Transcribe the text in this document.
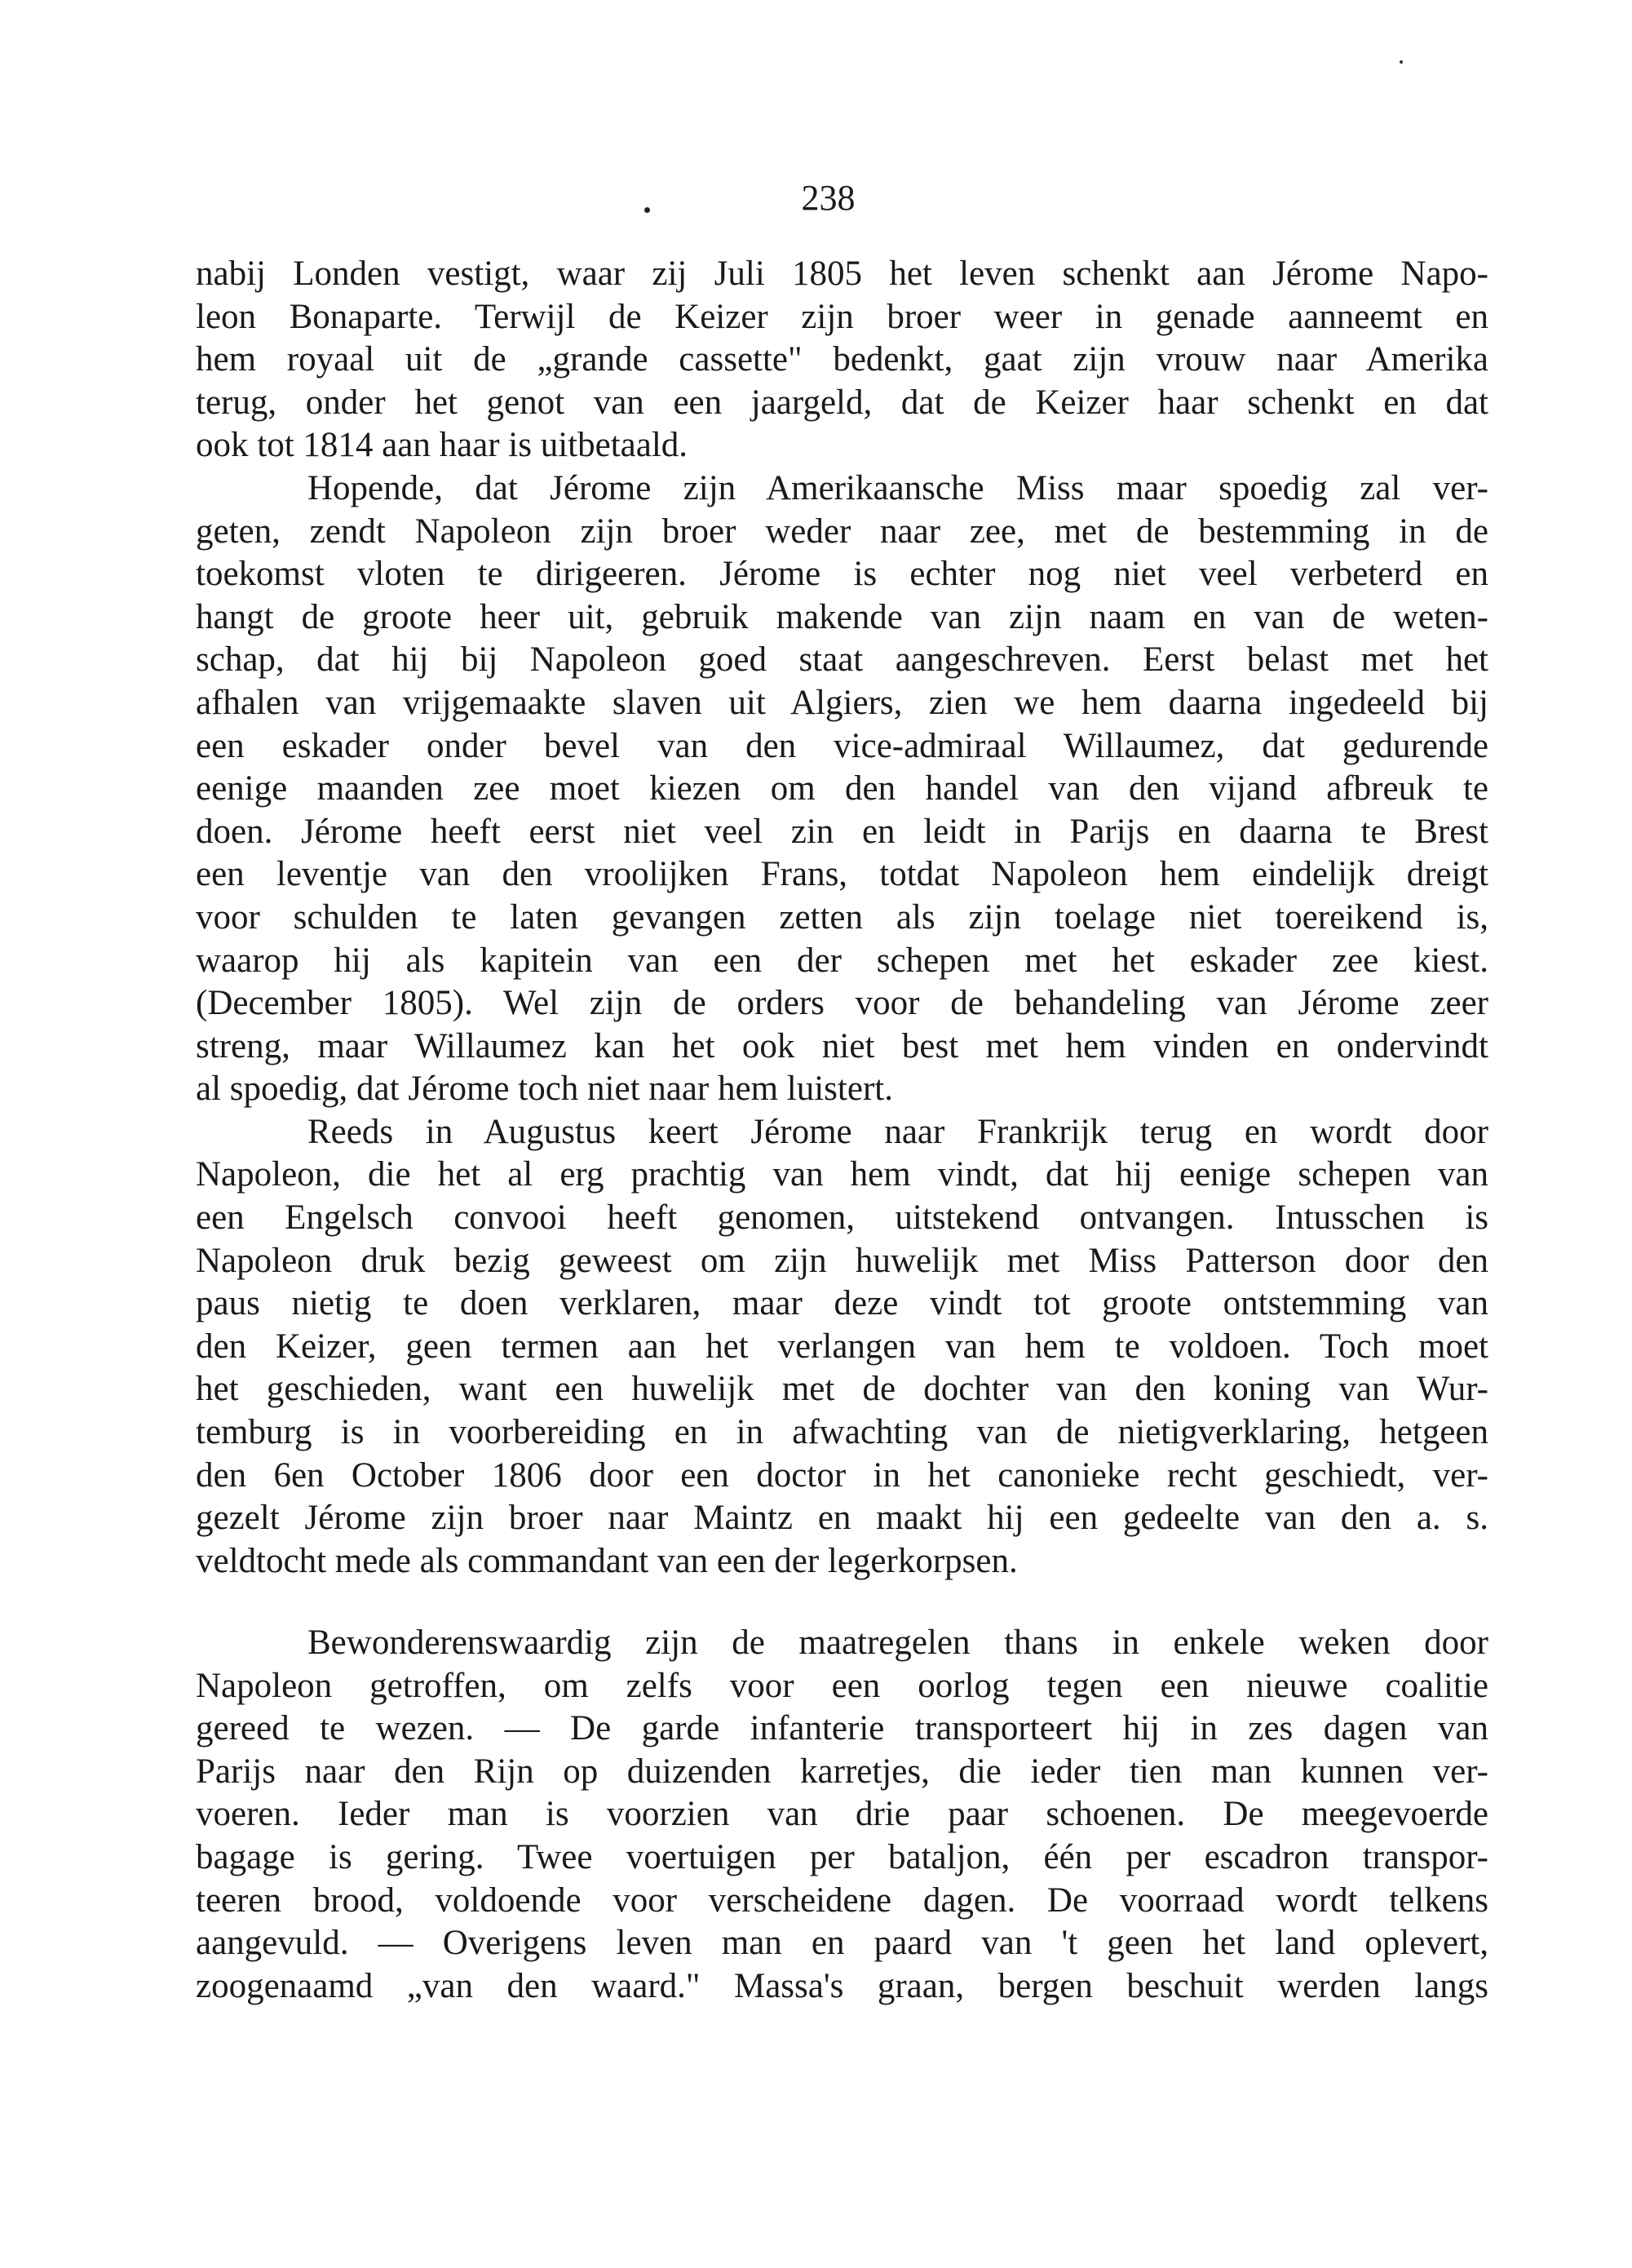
238
nabij Londen vestigt, waar zij Juli 1805 het leven schenkt aan Jérome Napo-
leon Bonaparte. Terwijl de Keizer zijn broer weer in genade aanneemt en
hem royaal uit de „grande cassette" bedenkt, gaat zijn vrouw naar Amerika
terug, onder het genot van een jaargeld, dat de Keizer haar schenkt en dat
ook tot 1814 aan haar is uitbetaald.
Hopende, dat Jérome zijn Amerikaansche Miss maar spoedig zal ver-
geten, zendt Napoleon zijn broer weder naar zee, met de bestemming in de
toekomst vloten te dirigeeren. Jérome is echter nog niet veel verbeterd en
hangt de groote heer uit, gebruik makende van zijn naam en van de weten-
schap, dat hij bij Napoleon goed staat aangeschreven. Eerst belast met het
afhalen van vrijgemaakte slaven uit Algiers, zien we hem daarna ingedeeld bij
een eskader onder bevel van den vice-admiraal Willaumez, dat gedurende
eenige maanden zee moet kiezen om den handel van den vijand afbreuk te
doen. Jérome heeft eerst niet veel zin en leidt in Parijs en daarna te Brest
een leventje van den vroolijken Frans, totdat Napoleon hem eindelijk dreigt
voor schulden te laten gevangen zetten als zijn toelage niet toereikend is,
waarop hij als kapitein van een der schepen met het eskader zee kiest.
(December 1805). Wel zijn de orders voor de behandeling van Jérome zeer
streng, maar Willaumez kan het ook niet best met hem vinden en ondervindt
al spoedig, dat Jérome toch niet naar hem luistert.
Reeds in Augustus keert Jérome naar Frankrijk terug en wordt door
Napoleon, die het al erg prachtig van hem vindt, dat hij eenige schepen van
een Engelsch convooi heeft genomen, uitstekend ontvangen. Intusschen is
Napoleon druk bezig geweest om zijn huwelijk met Miss Patterson door den
paus nietig te doen verklaren, maar deze vindt tot groote ontstemming van
den Keizer, geen termen aan het verlangen van hem te voldoen. Toch moet
het geschieden, want een huwelijk met de dochter van den koning van Wur-
temburg is in voorbereiding en in afwachting van de nietigverklaring, hetgeen
den 6en October 1806 door een doctor in het canonieke recht geschiedt, ver-
gezelt Jérome zijn broer naar Maintz en maakt hij een gedeelte van den a. s.
veldtocht mede als commandant van een der legerkorpsen.
Bewonderenswaardig zijn de maatregelen thans in enkele weken door
Napoleon getroffen, om zelfs voor een oorlog tegen een nieuwe coalitie
gereed te wezen. — De garde infanterie transporteert hij in zes dagen van
Parijs naar den Rijn op duizenden karretjes, die ieder tien man kunnen ver-
voeren. Ieder man is voorzien van drie paar schoenen. De meegevoerde
bagage is gering. Twee voertuigen per bataljon, één per escadron transpor-
teeren brood, voldoende voor verscheidene dagen. De voorraad wordt telkens
aangevuld. — Overigens leven man en paard van 't geen het land oplevert,
zoogenaamd „van den waard." Massa's graan, bergen beschuit werden langs
